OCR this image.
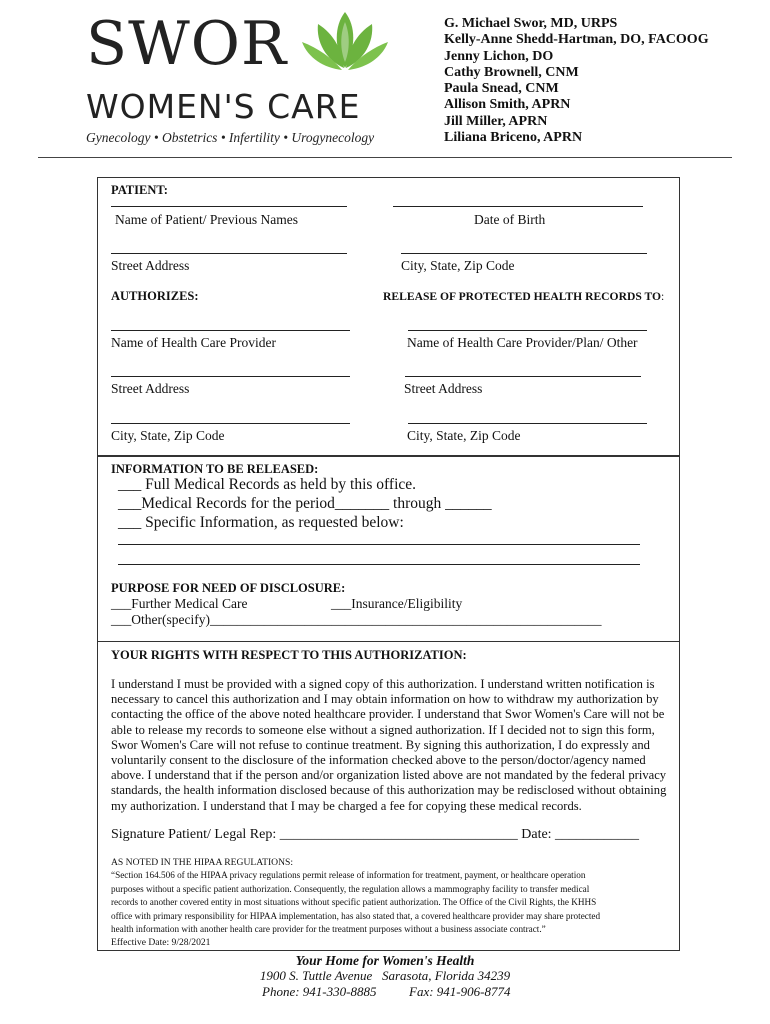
SWOR
WOMEN'S CARE
Gynecology • Obstetrics • Infertility • Urogynecology
G. Michael Swor, MD, URPS
Kelly-Anne Shedd-Hartman, DO, FACOOG
Jenny Lichon, DO
Cathy Brownell, CNM
Paula Snead, CNM
Allison Smith, APRN
Jill Miller, APRN
Liliana Briceno, APRN
PATIENT:
Name of Patient/ Previous Names	Date of Birth
Street Address	City, State, Zip Code
AUTHORIZES:	RELEASE OF PROTECTED HEALTH RECORDS TO:
Name of Health Care Provider	Name of Health Care Provider/Plan/ Other
Street Address	Street Address
City, State, Zip Code	City, State, Zip Code
INFORMATION TO BE RELEASED:
___ Full Medical Records as held by this office.
___Medical Records for the period_______ through ______
___ Specific Information, as requested below:
PURPOSE FOR NEED OF DISCLOSURE:
___Further Medical Care	___Insurance/Eligibility
___Other(specify)__________________________________________________________
YOUR RIGHTS WITH RESPECT TO THIS AUTHORIZATION:
I understand I must be provided with a signed copy of this authorization. I understand written notification is
necessary to cancel this authorization and I may obtain information on how to withdraw my authorization by
contacting the office of the above noted healthcare provider. I understand that Swor Women's Care will not be
able to release my records to someone else without a signed authorization. If I decided not to sign this form,
Swor Women's Care will not refuse to continue treatment. By signing this authorization, I do expressly and
voluntarily consent to the disclosure of the information checked above to the person/doctor/agency named
above. I understand that if the person and/or organization listed above are not mandated by the federal privacy
standards, the health information disclosed because of this authorization may be redisclosed without obtaining
my authorization. I understand that I may be charged a fee for copying these medical records.
Signature Patient/ Legal Rep: __________________________________ Date: ____________
AS NOTED IN THE HIPAA REGULATIONS:
“Section 164.506 of the HIPAA privacy regulations permit release of information for treatment, payment, or healthcare operation
purposes without a specific patient authorization. Consequently, the regulation allows a mammography facility to transfer medical
records to another covered entity in most situations without specific patient authorization. The Office of the Civil Rights, the KHHS
office with primary responsibility for HIPAA implementation, has also stated that, a covered healthcare provider may share protected
health information with another health care provider for the treatment purposes without a business associate contract.”
Effective Date: 9/28/2021
Your Home for Women's Health
1900 S. Tuttle Avenue   Sarasota, Florida 34239
Phone: 941-330-8885	Fax: 941-906-8774
